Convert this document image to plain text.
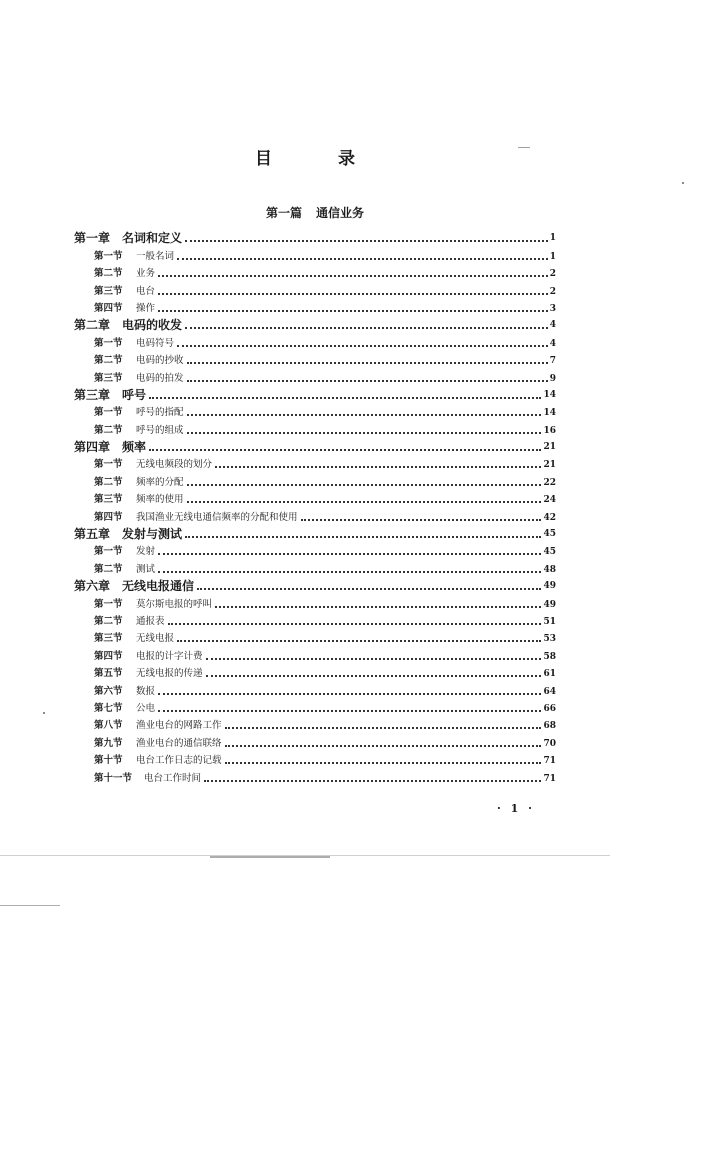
目 录
第一篇 通信业务
第一章 名词和定义	1
第一节	一般名词	1
第二节	业务	2
第三节	电台	2
第四节	操作	3
第二章 电码的收发	4
第一节	电码符号	4
第二节	电码的抄收	7
第三节	电码的拍发	9
第三章 呼号	14
第一节	呼号的指配	14
第二节	呼号的组成	16
第四章 频率	21
第一节	无线电频段的划分	21
第二节	频率的分配	22
第三节	频率的使用	24
第四节	我国渔业无线电通信频率的分配和使用	42
第五章 发射与测试	45
第一节	发射	45
第二节	测试	48
第六章 无线电报通信	49
第一节	莫尔斯电报的呼叫	49
第二节	通报表	51
第三节	无线电报	53
第四节	电报的计字计费	58
第五节	无线电报的传递	61
第六节	数报	64
第七节	公电	66
第八节	渔业电台的网路工作	68
第九节	渔业电台的通信联络	70
第十节	电台工作日志的记载	71
第十一节	电台工作时间	71
· 1 ·
